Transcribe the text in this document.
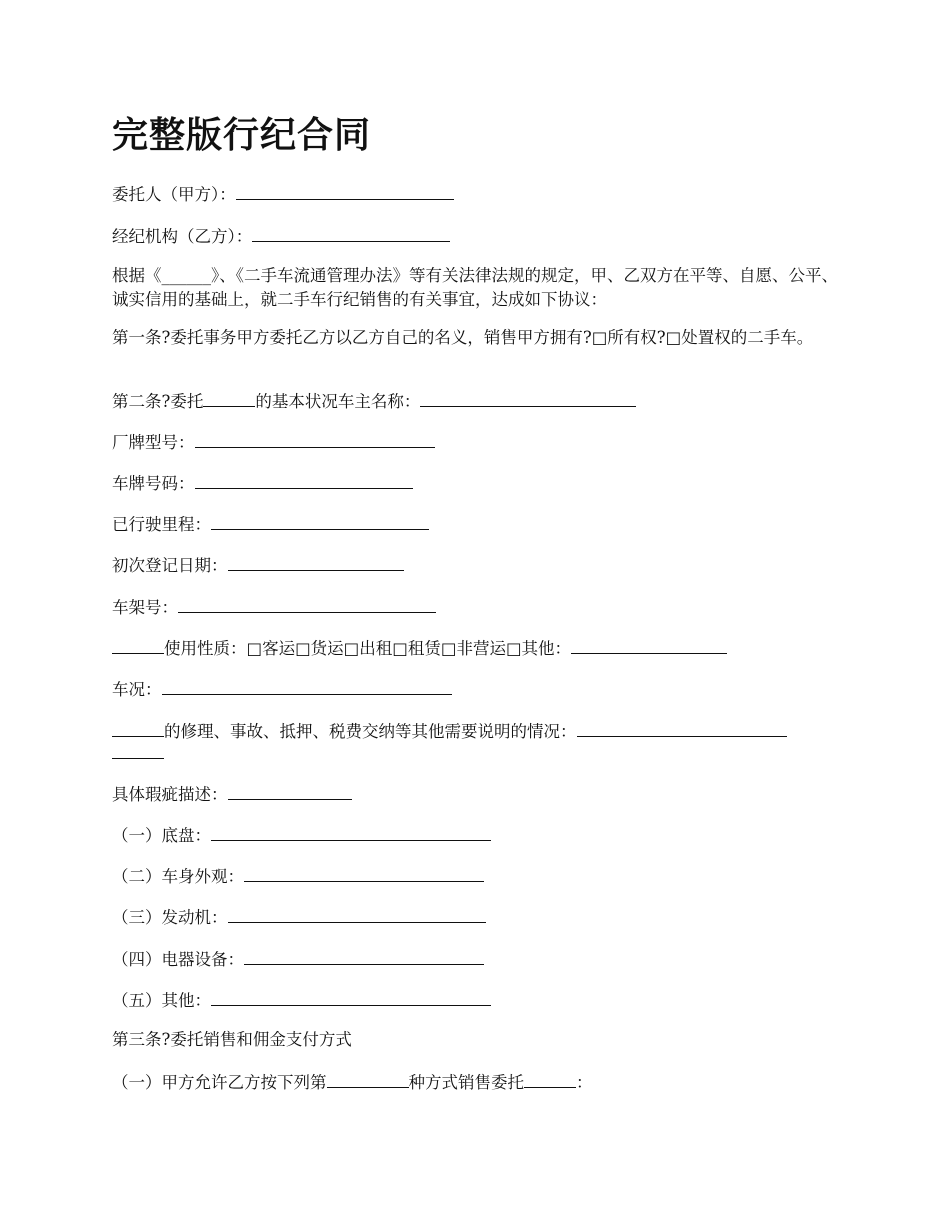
完整版行纪合同
委托人（甲方）：
经纪机构（乙方）：
根据《______》、《二手车流通管理办法》等有关法律法规的规定，甲、乙双方在平等、自愿、公平、诚实信用的基础上，就二手车行纪销售的有关事宜，达成如下协议：
第一条?委托事务甲方委托乙方以乙方自己的名义，销售甲方拥有?□所有权?□处置权的二手车。
第二条?委托	的基本状况车主名称：
厂牌型号：
车牌号码：
已行驶里程：
初次登记日期：
车架号：
使用性质：□客运□货运□出租□租赁□非营运□其他：
车况：
的修理、事故、抵押、税费交纳等其他需要说明的情况：
具体瑕疵描述：
（一）底盘：
（二）车身外观：
（三）发动机：
（四）电器设备：
（五）其他：
第三条?委托销售和佣金支付方式
（一）甲方允许乙方按下列第	种方式销售委托	：
